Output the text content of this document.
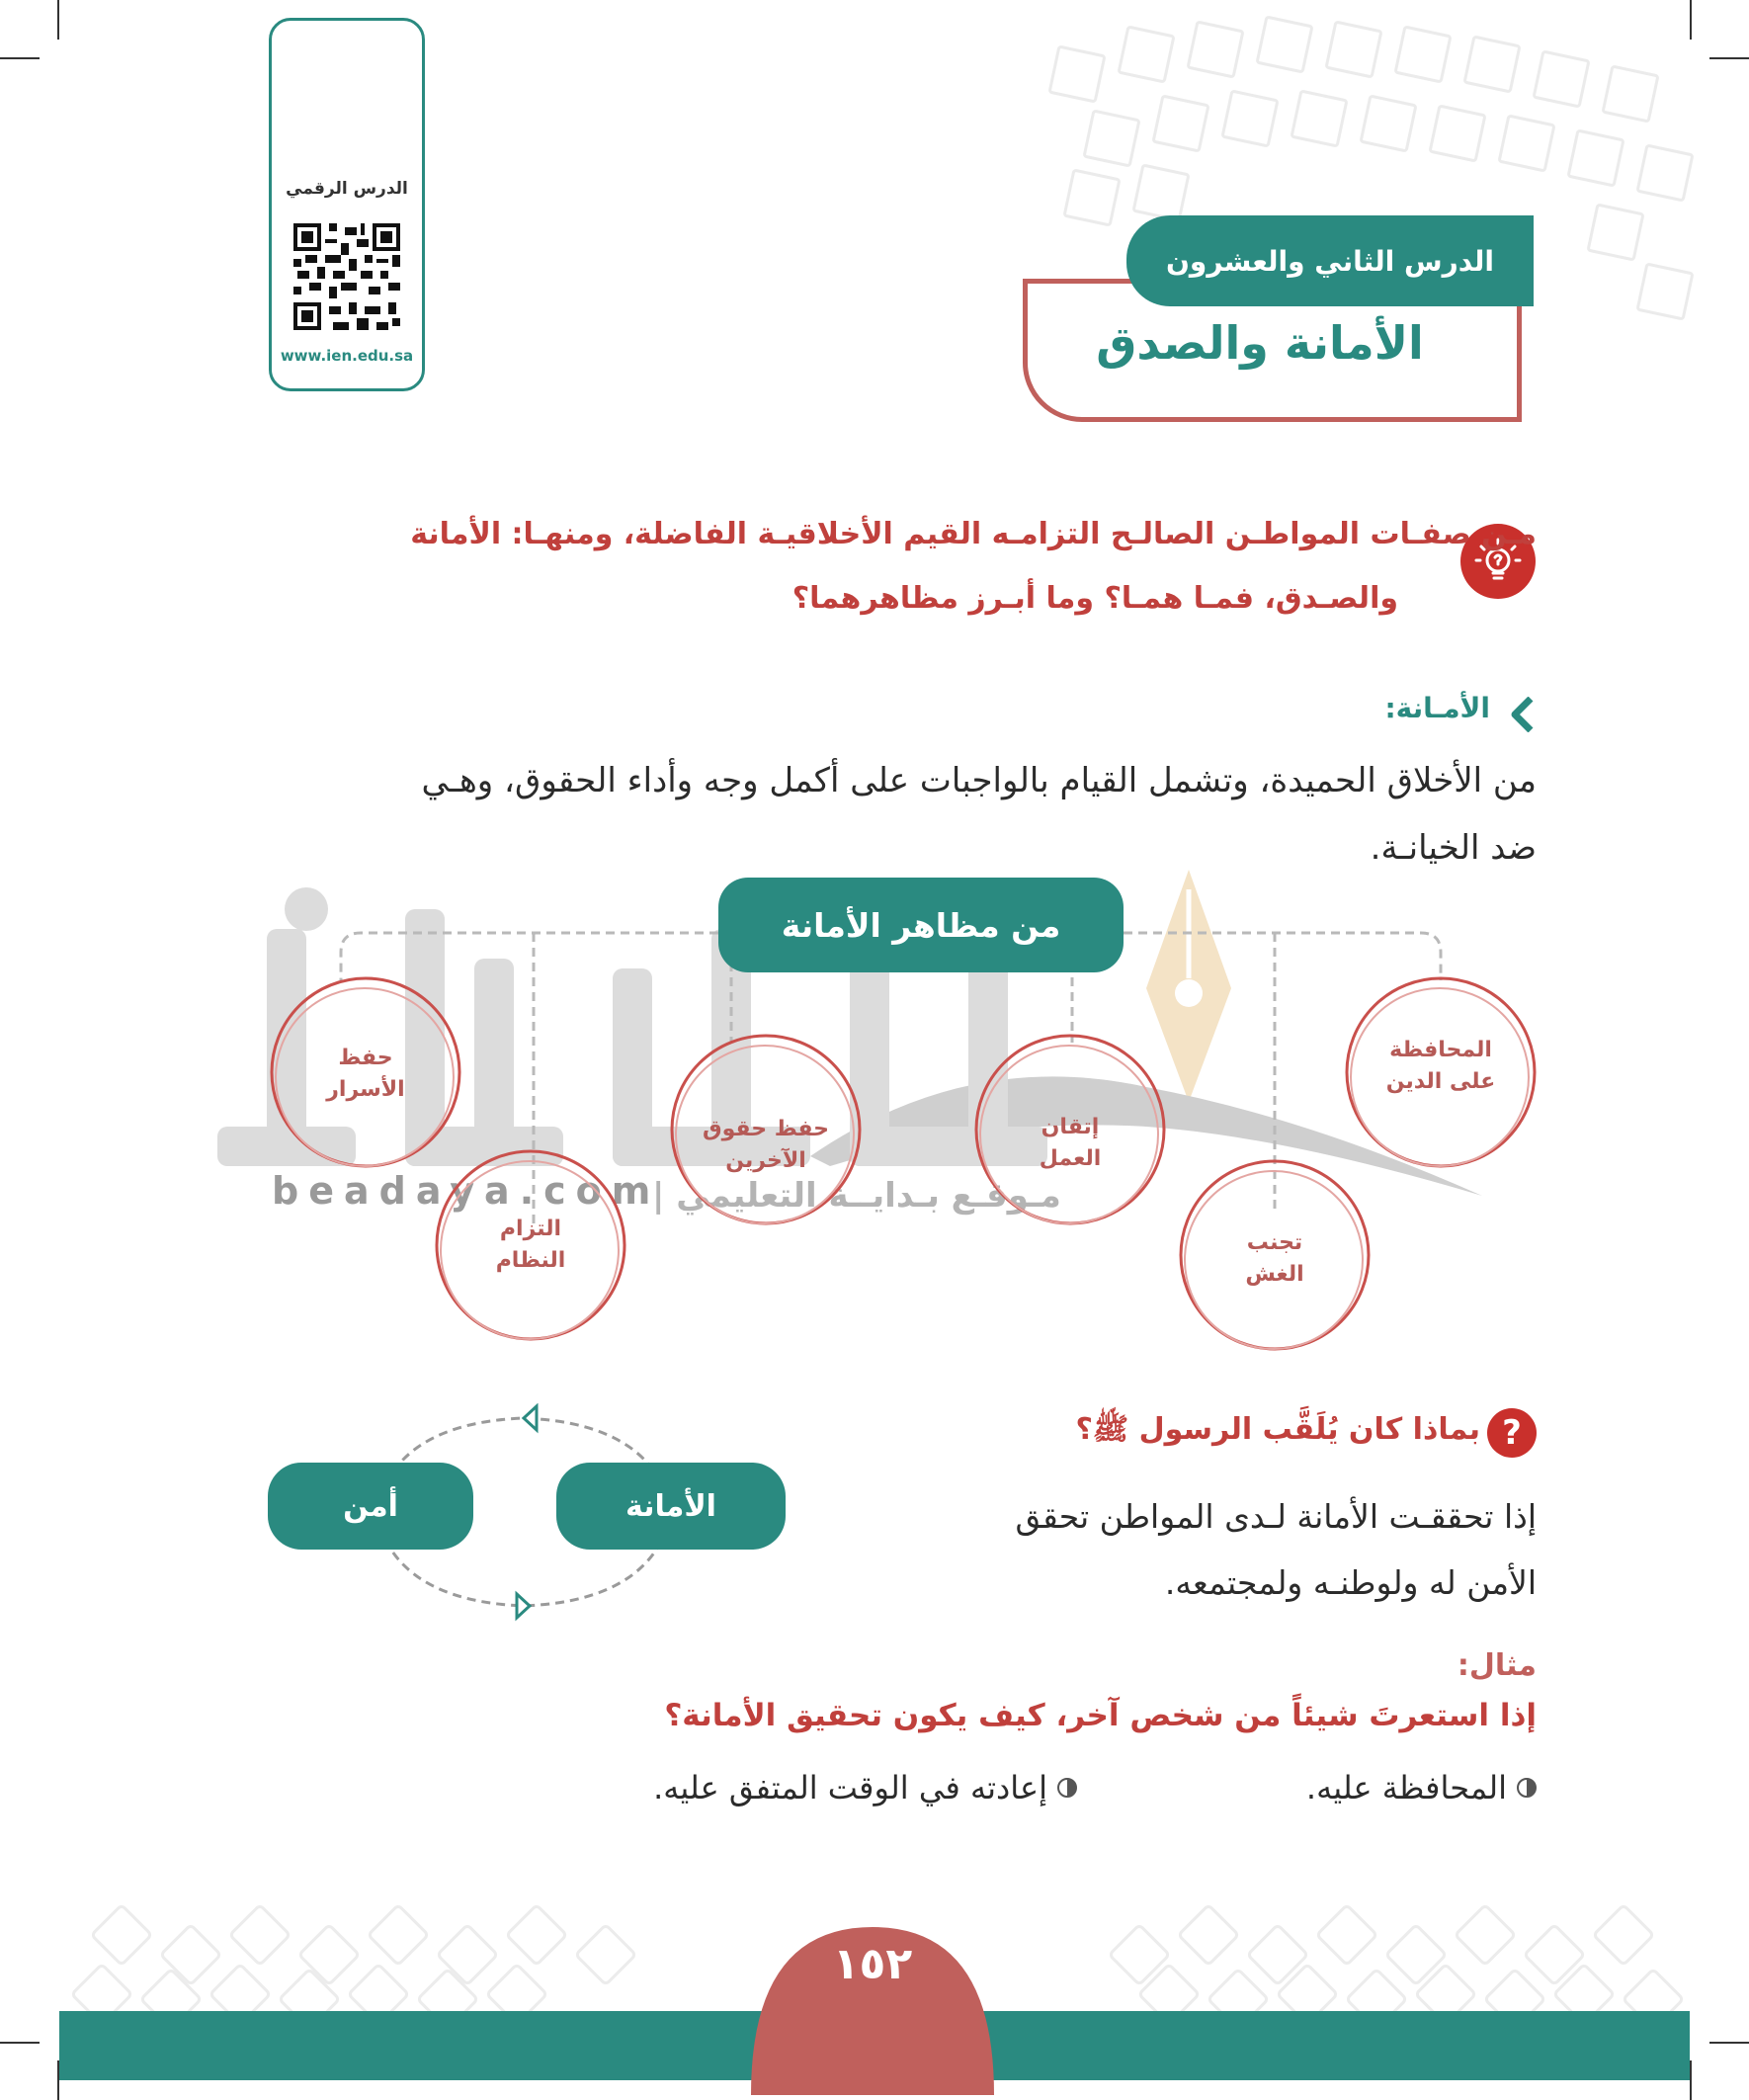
الدرس الرقمي
www.ien.edu.sa
الدرس الثاني والعشرون
الأمانة والصدق
مـن صفـات المواطـن الصالـح التزامـه القيم الأخلاقيـة الفاضلة، ومنهـا: الأمانة
والصـدق، فمـا همـا؟ وما أبـرز مظاهرهما؟
الأمـانة:
من الأخلاق الحميدة، وتشمل القيام بالواجبات على أكمل وجه وأداء الحقوق، وهـي
ضد الخيانـة.
beadaya.com
مـوقـع بـدايــة التعليمي |
من مظاهر الأمانة
المحافظة
على الدين
تجنب
الغش
إتقان
العمل
حفظ حقوق
الآخرين
التزام
النظام
حفظ
الأسرار
?
بماذا كان يُلَقَّب الرسول ﷺ؟
إذا تحققـت الأمانة لـدى المواطن تحقق
الأمن له ولوطنـه ولمجتمعه.
الأمانة
أمن
مثال:
إذا استعرتَ شيئاً من شخص آخر، كيف يكون تحقيق الأمانة؟
المحافظة عليه.
إعادته في الوقت المتفق عليه.
١٥٢
